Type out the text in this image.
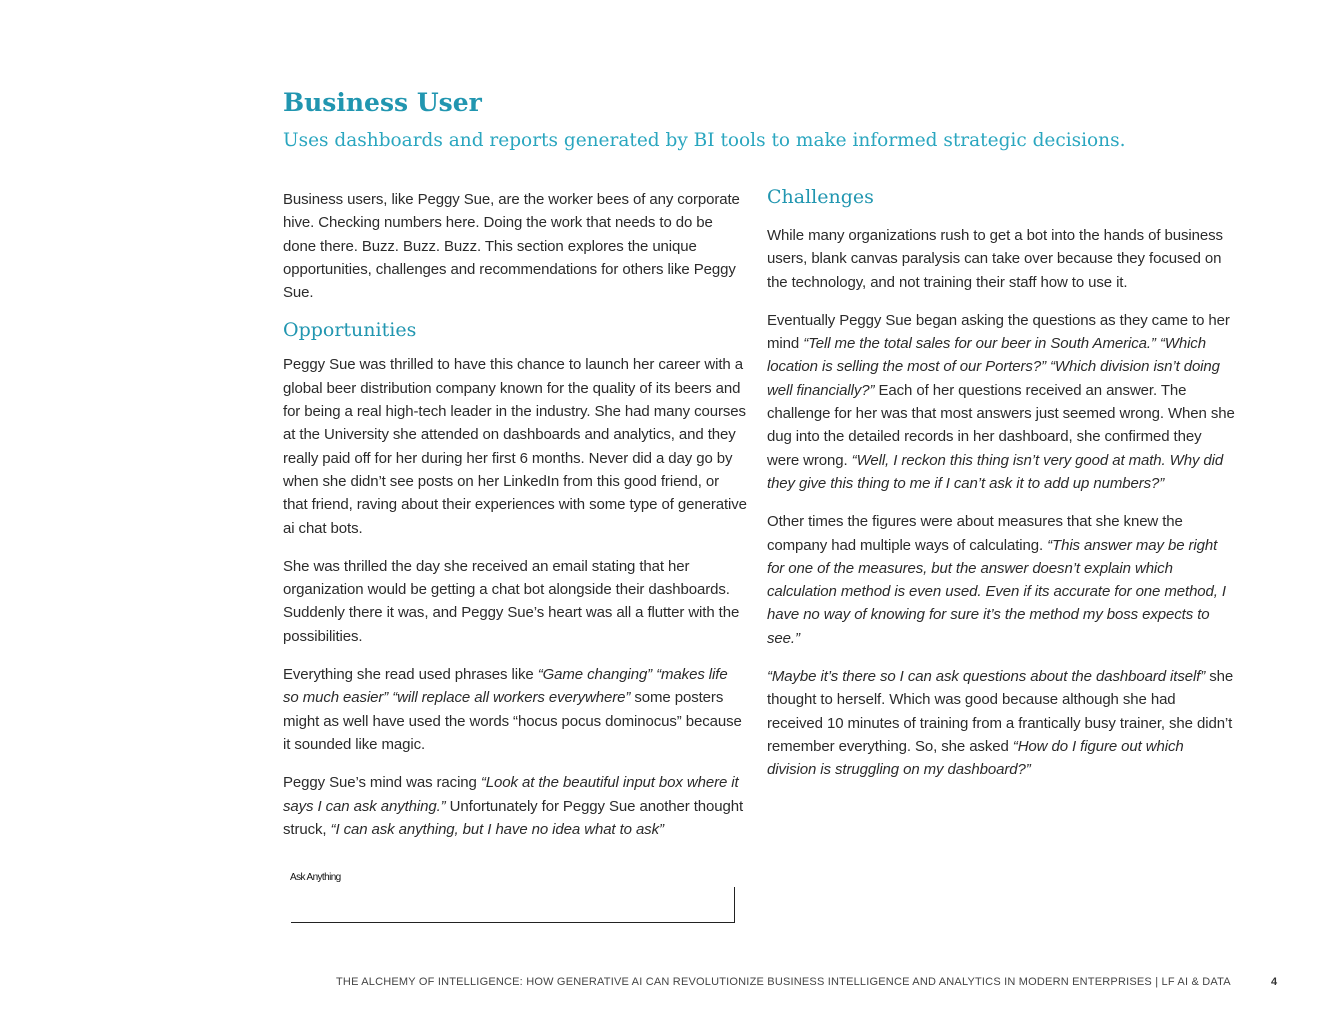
Business User
Uses dashboards and reports generated by BI tools to make informed strategic decisions.

Business users, like Peggy Sue, are the worker bees of any corporate hive. Checking numbers here. Doing the work that needs to do be done there. Buzz. Buzz. Buzz. This section explores the unique opportunities, challenges and recommendations for others like Peggy Sue.

Opportunities

Peggy Sue was thrilled to have this chance to launch her career with a global beer distribution company known for the quality of its beers and for being a real high-tech leader in the industry. She had many courses at the University she attended on dashboards and analytics, and they really paid off for her during her first 6 months. Never did a day go by when she didn’t see posts on her LinkedIn from this good friend, or that friend, raving about their experiences with some type of generative ai chat bots.

She was thrilled the day she received an email stating that her organization would be getting a chat bot alongside their dashboards. Suddenly there it was, and Peggy Sue’s heart was all a flutter with the possibilities.

Everything she read used phrases like “Game changing” “makes life so much easier” “will replace all workers everywhere” some posters might as well have used the words “hocus pocus dominocus” because it sounded like magic.

Peggy Sue’s mind was racing “Look at the beautiful input box where it says I can ask anything.” Unfortunately for Peggy Sue another thought struck, “I can ask anything, but I have no idea what to ask”

Ask Anything
Challenges

While many organizations rush to get a bot into the hands of business users, blank canvas paralysis can take over because they focused on the technology, and not training their staff how to use it.

Eventually Peggy Sue began asking the questions as they came to her mind “Tell me the total sales for our beer in South America.” “Which location is selling the most of our Porters?” “Which division isn’t doing well financially?” Each of her questions received an answer. The challenge for her was that most answers just seemed wrong. When she dug into the detailed records in her dashboard, she confirmed they were wrong. “Well, I reckon this thing isn’t very good at math. Why did they give this thing to me if I can’t ask it to add up numbers?”

Other times the figures were about measures that she knew the company had multiple ways of calculating. “This answer may be right for one of the measures, but the answer doesn’t explain which calculation method is even used. Even if its accurate for one method, I have no way of knowing for sure it’s the method my boss expects to see.”

“Maybe it’s there so I can ask questions about the dashboard itself” she thought to herself. Which was good because although she had received 10 minutes of training from a frantically busy trainer, she didn’t remember everything. So, she asked “How do I figure out which division is struggling on my dashboard?”

THE ALCHEMY OF INTELLIGENCE: HOW GENERATIVE AI CAN REVOLUTIONIZE BUSINESS INTELLIGENCE AND ANALYTICS IN MODERN ENTERPRISES | LF AI & DATA	4
